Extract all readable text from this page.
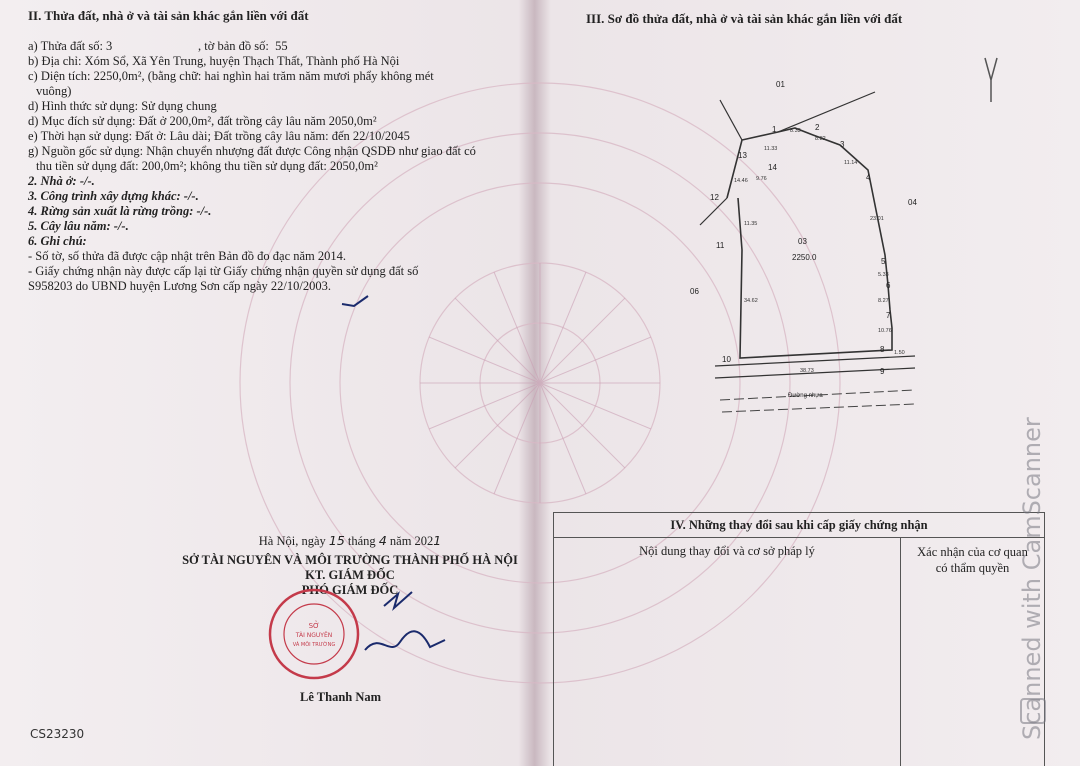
II. Thửa đất, nhà ở và tài sản khác gắn liền với đất
a) Thửa đất số: 3	, tờ bản đồ số: 55
b) Địa chỉ: Xóm Sổ, Xã Yên Trung, huyện Thạch Thất, Thành phố Hà Nội
c) Diện tích: 2250,0m², (bằng chữ: hai nghìn hai trăm năm mươi phẩy không mét
vuông)
d) Hình thức sử dụng: Sử dụng chung
d) Mục đích sử dụng: Đất ở 200,0m², đất trồng cây lâu năm 2050,0m²
e) Thời hạn sử dụng: Đất ở: Lâu dài; Đất trồng cây lâu năm: đến 22/10/2045
g) Nguồn gốc sử dụng: Nhận chuyển nhượng đất được Công nhận QSDĐ như giao đất có
thu tiền sử dụng đất: 200,0m²; không thu tiền sử dụng đất: 2050,0m²
2. Nhà ở: -/-.
3. Công trình xây dựng khác: -/-.
4. Rừng sản xuất là rừng trồng: -/-.
5. Cây lâu năm: -/-.
6. Ghi chú:
- Số tờ, số thửa đã được cập nhật trên Bản đồ đo đạc năm 2014.
- Giấy chứng nhận này được cấp lại từ Giấy chứng nhận quyền sử dụng đất số
S958203 do UBND huyện Lương Sơn cấp ngày 22/10/2003.
Hà Nội, ngày 15 tháng 4 năm 2021
SỞ TÀI NGUYÊN VÀ MÔI TRƯỜNG THÀNH PHỐ HÀ NỘI
KT. GIÁM ĐỐC
PHÓ GIÁM ĐỐC
SỞ
TÀI NGUYÊN
VÀ MÔI TRƯỜNG
Lê Thanh Nam
CS23230
III. Sơ đồ thửa đất, nhà ở và tài sản khác gắn liền với đất
01
04
06
03
2250.0
Đường nhựa
1	2
3
4
5
6
7
8
9
10
11
12
13
14
8.33
8.82
11.14
23.01
5.33
8.27
10.76
1.50
38.73
34.62
11.35
14.46 9.76
11.33
IV. Những thay đổi sau khi cấp giấy chứng nhận
Nội dung thay đổi và cơ sở pháp lý	Xác nhận của cơ quan
có thẩm quyền Scanned with CamScanner
